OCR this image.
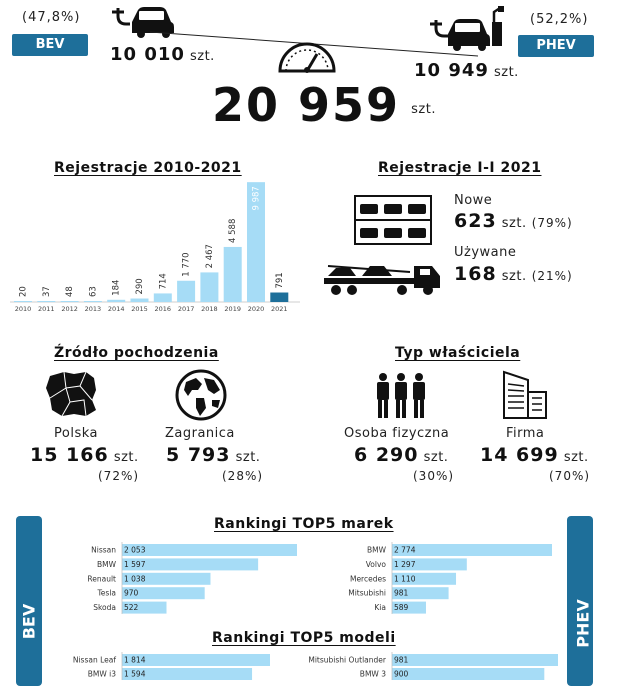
(47,8%)
BEV	10 010 szt.
(52,2%)
PHEV
10 949 szt.
20 959 $^{szt.}$
Rejestracje 2010-2021
20
2010
37
2011
48
2012
63
2013
184
2014
290
2015
714
2016
1 770
2017
2 467
2018
4 588
2019
9 987
2020
791
2021
Rejestracje I-I 2021
Nowe
623 szt. (79%)
Używane
168 szt. (21%)
Źródło pochodzenia
Polska
15 166 szt.
(72%)
Zagranica
5 793 szt.
(28%)
Typ właściciela
Osoba fizyczna
6 290 szt.
(30%)
Firma
14 699 szt.
(70%)
BEV	PHEV
Rankingi TOP5 marek
Rankingi TOP5 modeli
Nissan 2 053
BMW 1 597
Renault 1 038
Tesla 970
Skoda 522
BMW 2 774
Volvo 1 297
Mercedes 1 110
Mitsubishi 981
Kia 589
Nissan Leaf 1 814
BMW i3 1 594
Mitsubishi Outlander 981
BMW 3 900
